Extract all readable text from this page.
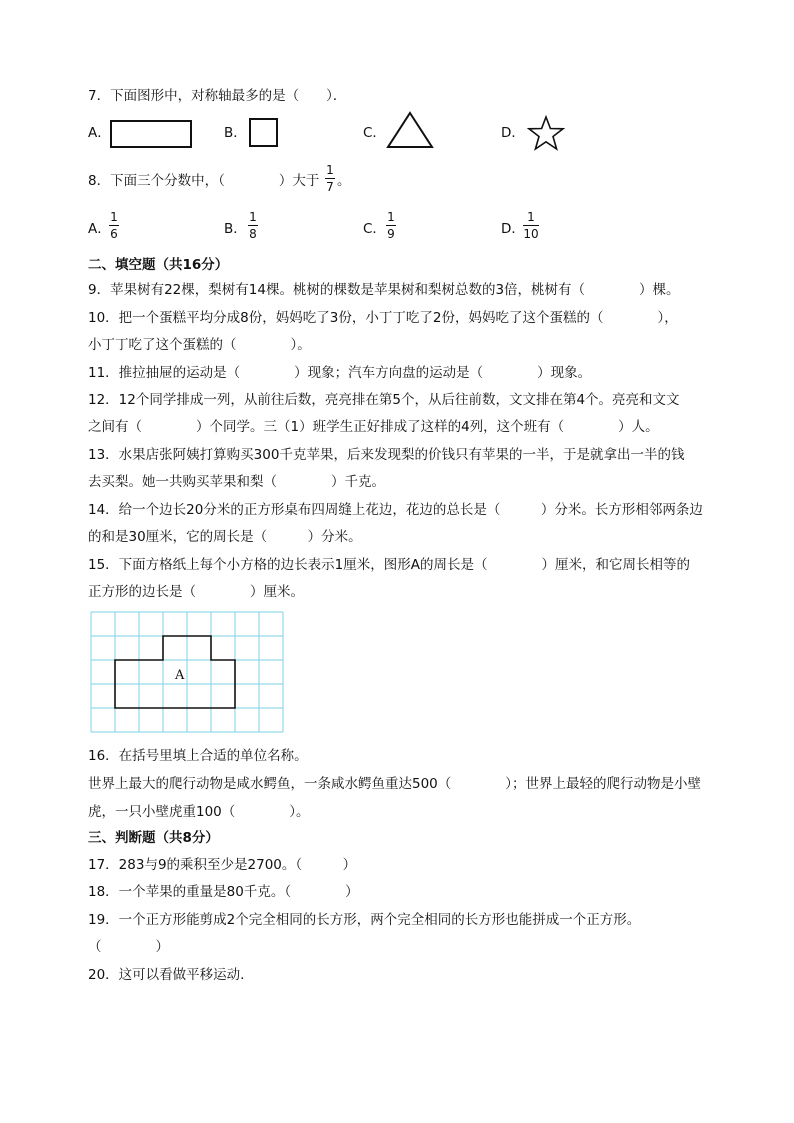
7．下面图形中，对称轴最多的是（　　）．
A．	B．	C．	D．
8．下面三个分数中，（　　　　）大于
1
7 。
A．
1
6	B．
1
8	C．
1
9	D．
1
10
二、填空题（共16分）
9．苹果树有22棵，梨树有14棵。桃树的棵数是苹果树和梨树总数的3倍，桃树有（　　　　）棵。
10．把一个蛋糕平均分成8份，妈妈吃了3份，小丁丁吃了2份，妈妈吃了这个蛋糕的（　　　　），
小丁丁吃了这个蛋糕的（　　　　）。
11．推拉抽屉的运动是（　　　　）现象；汽车方向盘的运动是（　　　　）现象。
12．12个同学排成一列，从前往后数，亮亮排在第5个，从后往前数，文文排在第4个。亮亮和文文
之间有（　　　　）个同学。三（1）班学生正好排成了这样的4列，这个班有（　　　　）人。
13．水果店张阿姨打算购买300千克苹果，后来发现梨的价钱只有苹果的一半，于是就拿出一半的钱
去买梨。她一共购买苹果和梨（　　　　）千克。
14．给一个边长20分米的正方形桌布四周缝上花边，花边的总长是（　　　）分米。长方形相邻两条边
的和是30厘米，它的周长是（　　　）分米。
15．下面方格纸上每个小方格的边长表示1厘米，图形A的周长是（　　　　）厘米，和它周长相等的
正方形的边长是（　　　　）厘米。
A
16．在括号里填上合适的单位名称。
世界上最大的爬行动物是咸水鳄鱼，一条咸水鳄鱼重达500（　　　　）；世界上最轻的爬行动物是小壁
虎，一只小壁虎重100（　　　　）。
三、判断题（共8分）
17．283与9的乘积至少是2700。（　　　）
18．一个苹果的重量是80千克。（　　　　）
19．一个正方形能剪成2个完全相同的长方形，两个完全相同的长方形也能拼成一个正方形。
（　　　　）
20．这可以看做平移运动.
